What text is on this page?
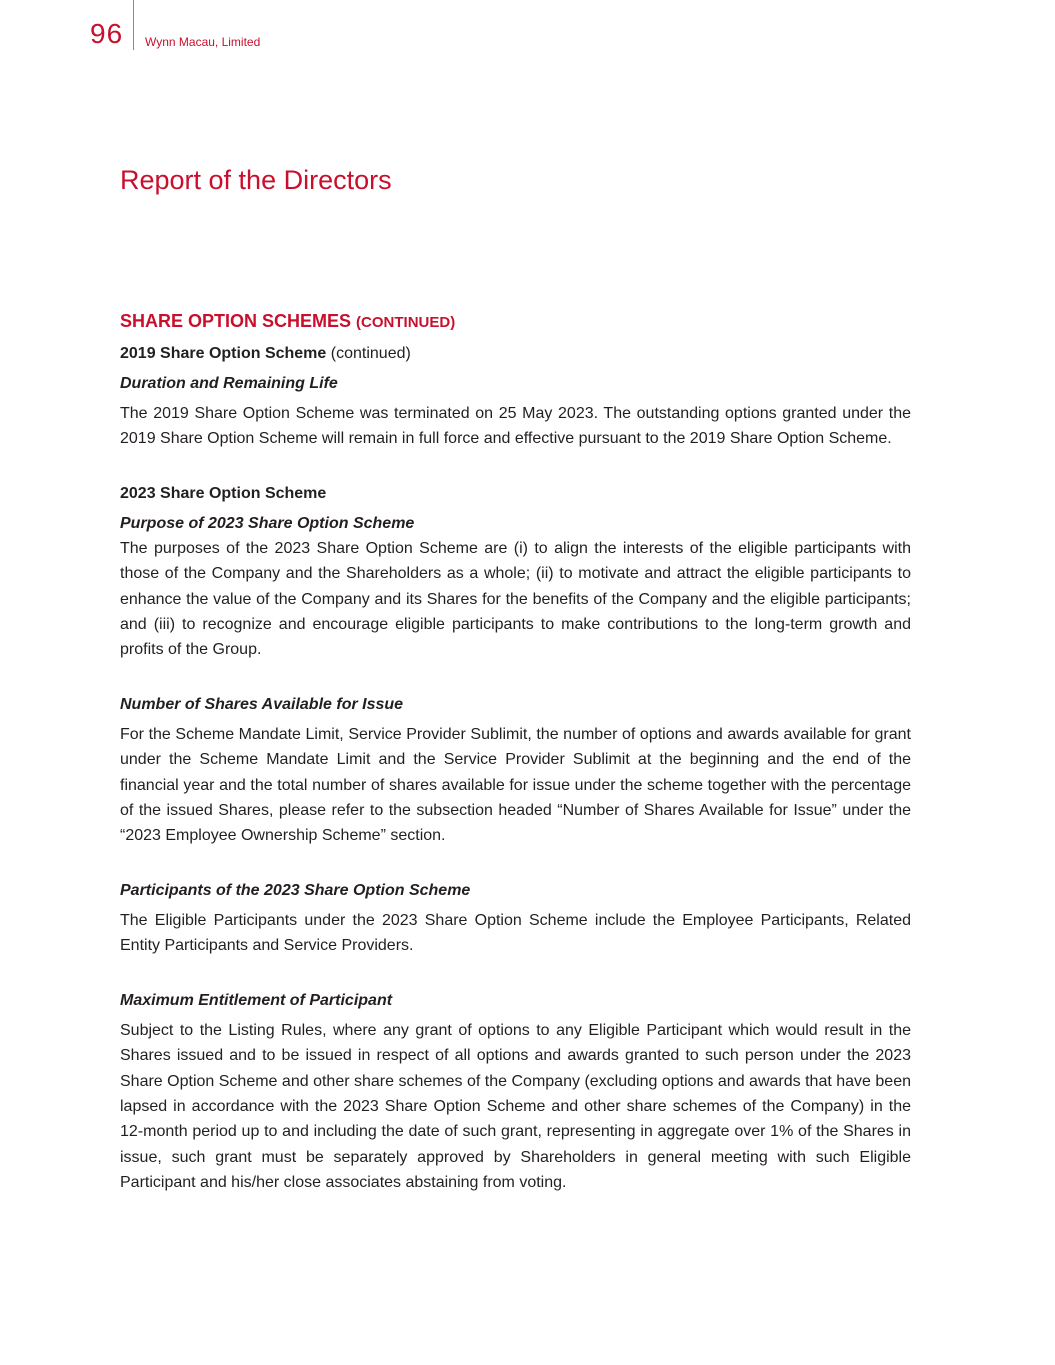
96 Wynn Macau, Limited
Report of the Directors
SHARE OPTION SCHEMES (CONTINUED)
2019 Share Option Scheme (continued)
Duration and Remaining Life

The 2019 Share Option Scheme was terminated on 25 May 2023. The outstanding options granted under the 2019 Share Option Scheme will remain in full force and effective pursuant to the 2019 Share Option Scheme.

2023 Share Option Scheme
Purpose of 2023 Share Option Scheme

The purposes of the 2023 Share Option Scheme are (i) to align the interests of the eligible participants with those of the Company and the Shareholders as a whole; (ii) to motivate and attract the eligible participants to enhance the value of the Company and its Shares for the benefits of the Company and the eligible participants; and (iii) to recognize and encourage eligible participants to make contributions to the long-term growth and profits of the Group.

Number of Shares Available for Issue

For the Scheme Mandate Limit, Service Provider Sublimit, the number of options and awards available for grant under the Scheme Mandate Limit and the Service Provider Sublimit at the beginning and the end of the financial year and the total number of shares available for issue under the scheme together with the percentage of the issued Shares, please refer to the subsection headed “Number of Shares Available for Issue” under the “2023 Employee Ownership Scheme” section.

Participants of the 2023 Share Option Scheme

The Eligible Participants under the 2023 Share Option Scheme include the Employee Participants, Related Entity Participants and Service Providers.

Maximum Entitlement of Participant

Subject to the Listing Rules, where any grant of options to any Eligible Participant which would result in the Shares issued and to be issued in respect of all options and awards granted to such person under the 2023 Share Option Scheme and other share schemes of the Company (excluding options and awards that have been lapsed in accordance with the 2023 Share Option Scheme and other share schemes of the Company) in the 12-month period up to and including the date of such grant, representing in aggregate over 1% of the Shares in issue, such grant must be separately approved by Shareholders in general meeting with such Eligible Participant and his/her close associates abstaining from voting.
